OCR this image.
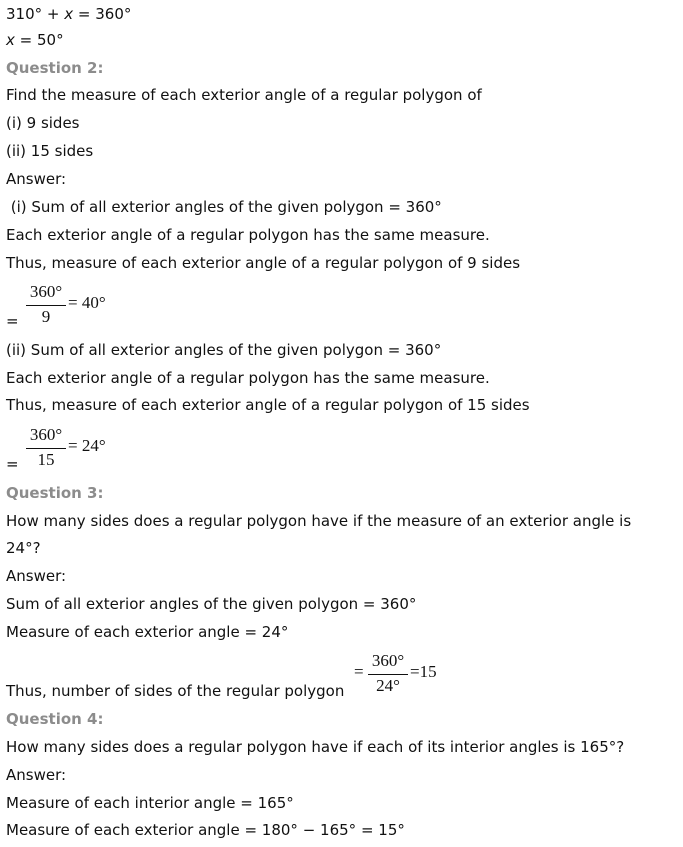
310° + x = 360°
x = 50°
Question 2:
Find the measure of each exterior angle of a regular polygon of
(i) 9 sides
(ii) 15 sides
Answer:
(i) Sum of all exterior angles of the given polygon = 360°
Each exterior angle of a regular polygon has the same measure.
Thus, measure of each exterior angle of a regular polygon of 9 sides
=
360°
9
= 40°
(ii) Sum of all exterior angles of the given polygon = 360°
Each exterior angle of a regular polygon has the same measure.
Thus, measure of each exterior angle of a regular polygon of 15 sides
=
360°
15
= 24°
Question 3:
How many sides does a regular polygon have if the measure of an exterior angle is
24°?
Answer:
Sum of all exterior angles of the given polygon = 360°
Measure of each exterior angle = 24°
Thus, number of sides of the regular polygon
=
360°
24°
=15
Question 4:
How many sides does a regular polygon have if each of its interior angles is 165°?
Answer:
Measure of each interior angle = 165°
Measure of each exterior angle = 180° − 165° = 15°
